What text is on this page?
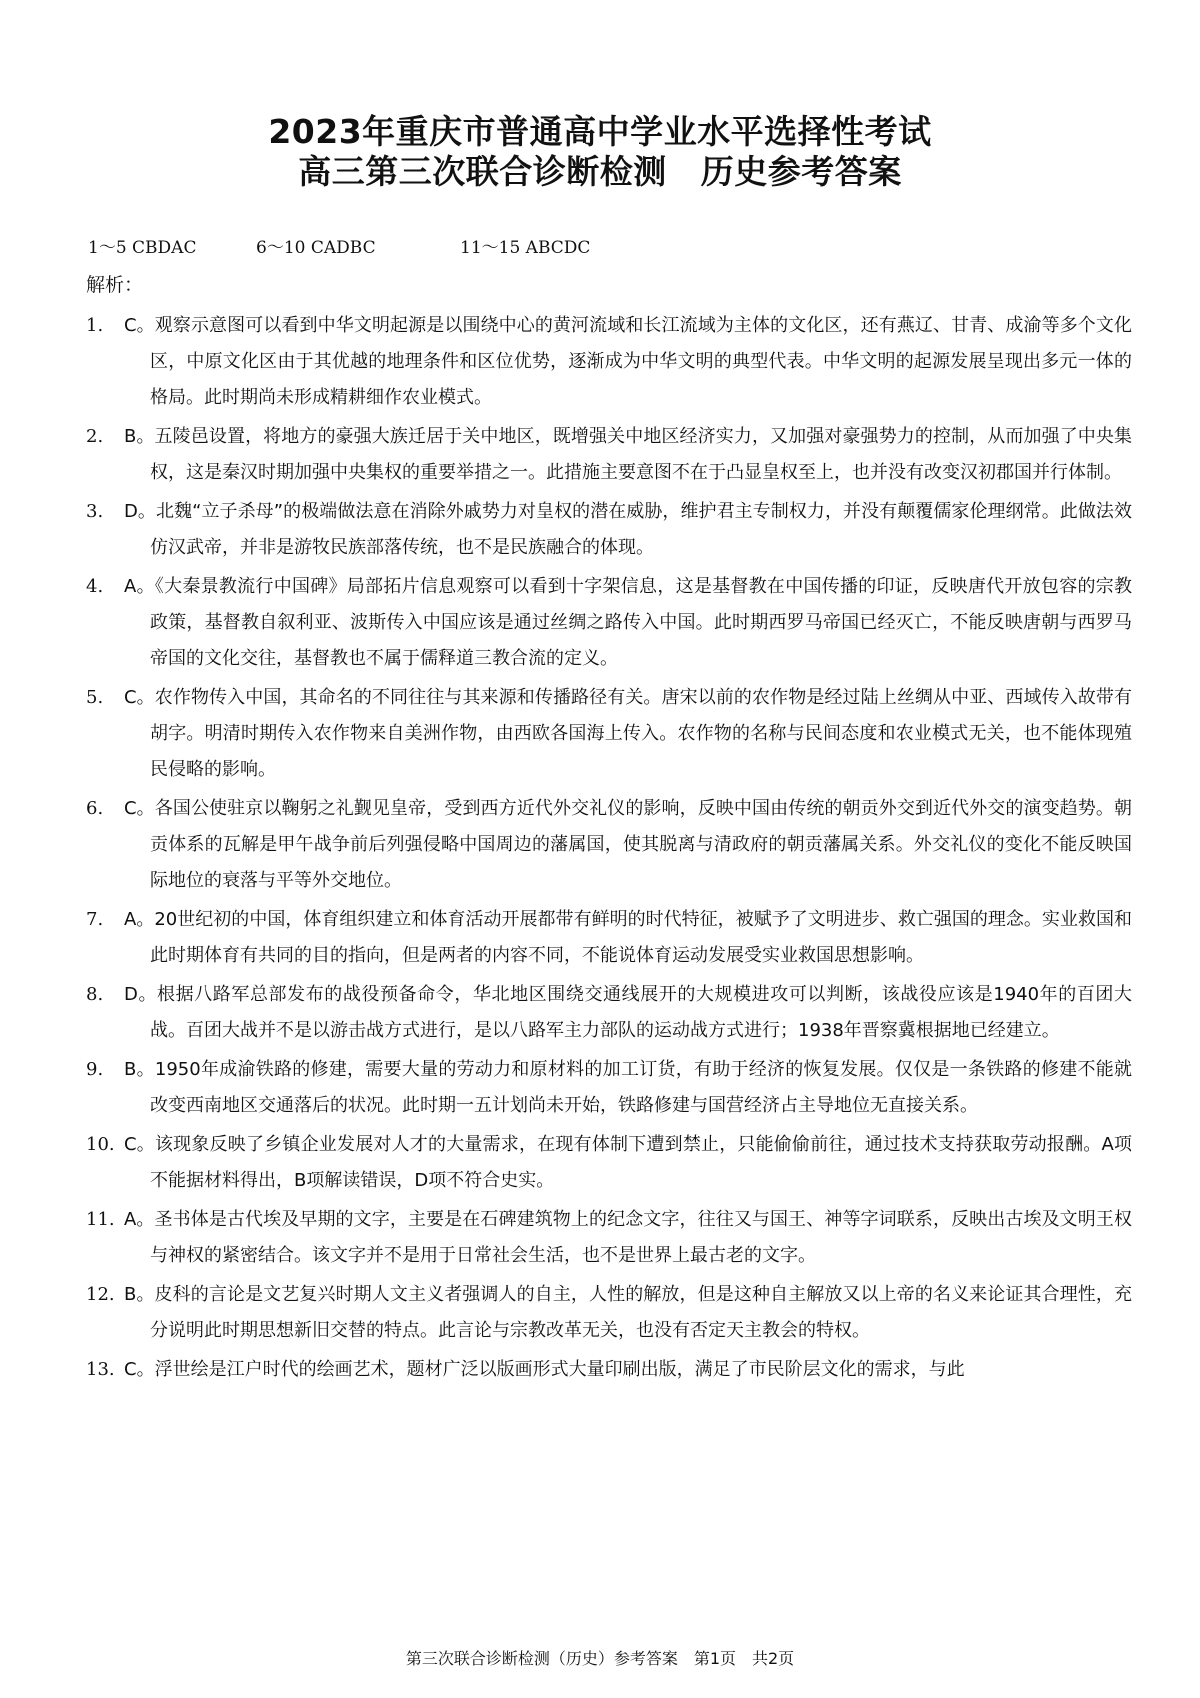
2023年重庆市普通高中学业水平选择性考试
高三第三次联合诊断检测 历史参考答案
1～5 CBDAC	6～10 CADBC	11～15 ABCDC
解析：
1. C。观察示意图可以看到中华文明起源是以围绕中心的黄河流域和长江流域为主体的文化区，还有燕辽、甘青、成渝等多个文化区，中原文化区由于其优越的地理条件和区位优势，逐渐成为中华文明的典型代表。中华文明的起源发展呈现出多元一体的格局。此时期尚未形成精耕细作农业模式。
2. B。五陵邑设置，将地方的豪强大族迁居于关中地区，既增强关中地区经济实力，又加强对豪强势力的控制，从而加强了中央集权，这是秦汉时期加强中央集权的重要举措之一。此措施主要意图不在于凸显皇权至上，也并没有改变汉初郡国并行体制。
3. D。北魏“立子杀母”的极端做法意在消除外戚势力对皇权的潜在威胁，维护君主专制权力，并没有颠覆儒家伦理纲常。此做法效仿汉武帝，并非是游牧民族部落传统，也不是民族融合的体现。
4. A。《大秦景教流行中国碑》局部拓片信息观察可以看到十字架信息，这是基督教在中国传播的印证，反映唐代开放包容的宗教政策，基督教自叙利亚、波斯传入中国应该是通过丝绸之路传入中国。此时期西罗马帝国已经灭亡，不能反映唐朝与西罗马帝国的文化交往，基督教也不属于儒释道三教合流的定义。
5. C。农作物传入中国，其命名的不同往往与其来源和传播路径有关。唐宋以前的农作物是经过陆上丝绸从中亚、西域传入故带有胡字。明清时期传入农作物来自美洲作物，由西欧各国海上传入。农作物的名称与民间态度和农业模式无关，也不能体现殖民侵略的影响。
6. C。各国公使驻京以鞠躬之礼觐见皇帝，受到西方近代外交礼仪的影响，反映中国由传统的朝贡外交到近代外交的演变趋势。朝贡体系的瓦解是甲午战争前后列强侵略中国周边的藩属国，使其脱离与清政府的朝贡藩属关系。外交礼仪的变化不能反映国际地位的衰落与平等外交地位。
7. A。20世纪初的中国，体育组织建立和体育活动开展都带有鲜明的时代特征，被赋予了文明进步、救亡强国的理念。实业救国和此时期体育有共同的目的指向，但是两者的内容不同，不能说体育运动发展受实业救国思想影响。
8. D。根据八路军总部发布的战役预备命令，华北地区围绕交通线展开的大规模进攻可以判断，该战役应该是1940年的百团大战。百团大战并不是以游击战方式进行，是以八路军主力部队的运动战方式进行；1938年晋察冀根据地已经建立。
9. B。1950年成渝铁路的修建，需要大量的劳动力和原材料的加工订货，有助于经济的恢复发展。仅仅是一条铁路的修建不能就改变西南地区交通落后的状况。此时期一五计划尚未开始，铁路修建与国营经济占主导地位无直接关系。
10. C。该现象反映了乡镇企业发展对人才的大量需求，在现有体制下遭到禁止，只能偷偷前往，通过技术支持获取劳动报酬。A项不能据材料得出，B项解读错误，D项不符合史实。
11. A。圣书体是古代埃及早期的文字，主要是在石碑建筑物上的纪念文字，往往又与国王、神等字词联系，反映出古埃及文明王权与神权的紧密结合。该文字并不是用于日常社会生活，也不是世界上最古老的文字。
12. B。皮科的言论是文艺复兴时期人文主义者强调人的自主，人性的解放，但是这种自主解放又以上帝的名义来论证其合理性，充分说明此时期思想新旧交替的特点。此言论与宗教改革无关，也没有否定天主教会的特权。
13. C。浮世绘是江户时代的绘画艺术，题材广泛以版画形式大量印刷出版，满足了市民阶层文化的需求，与此
第三次联合诊断检测（历史）参考答案　第1页　共2页
